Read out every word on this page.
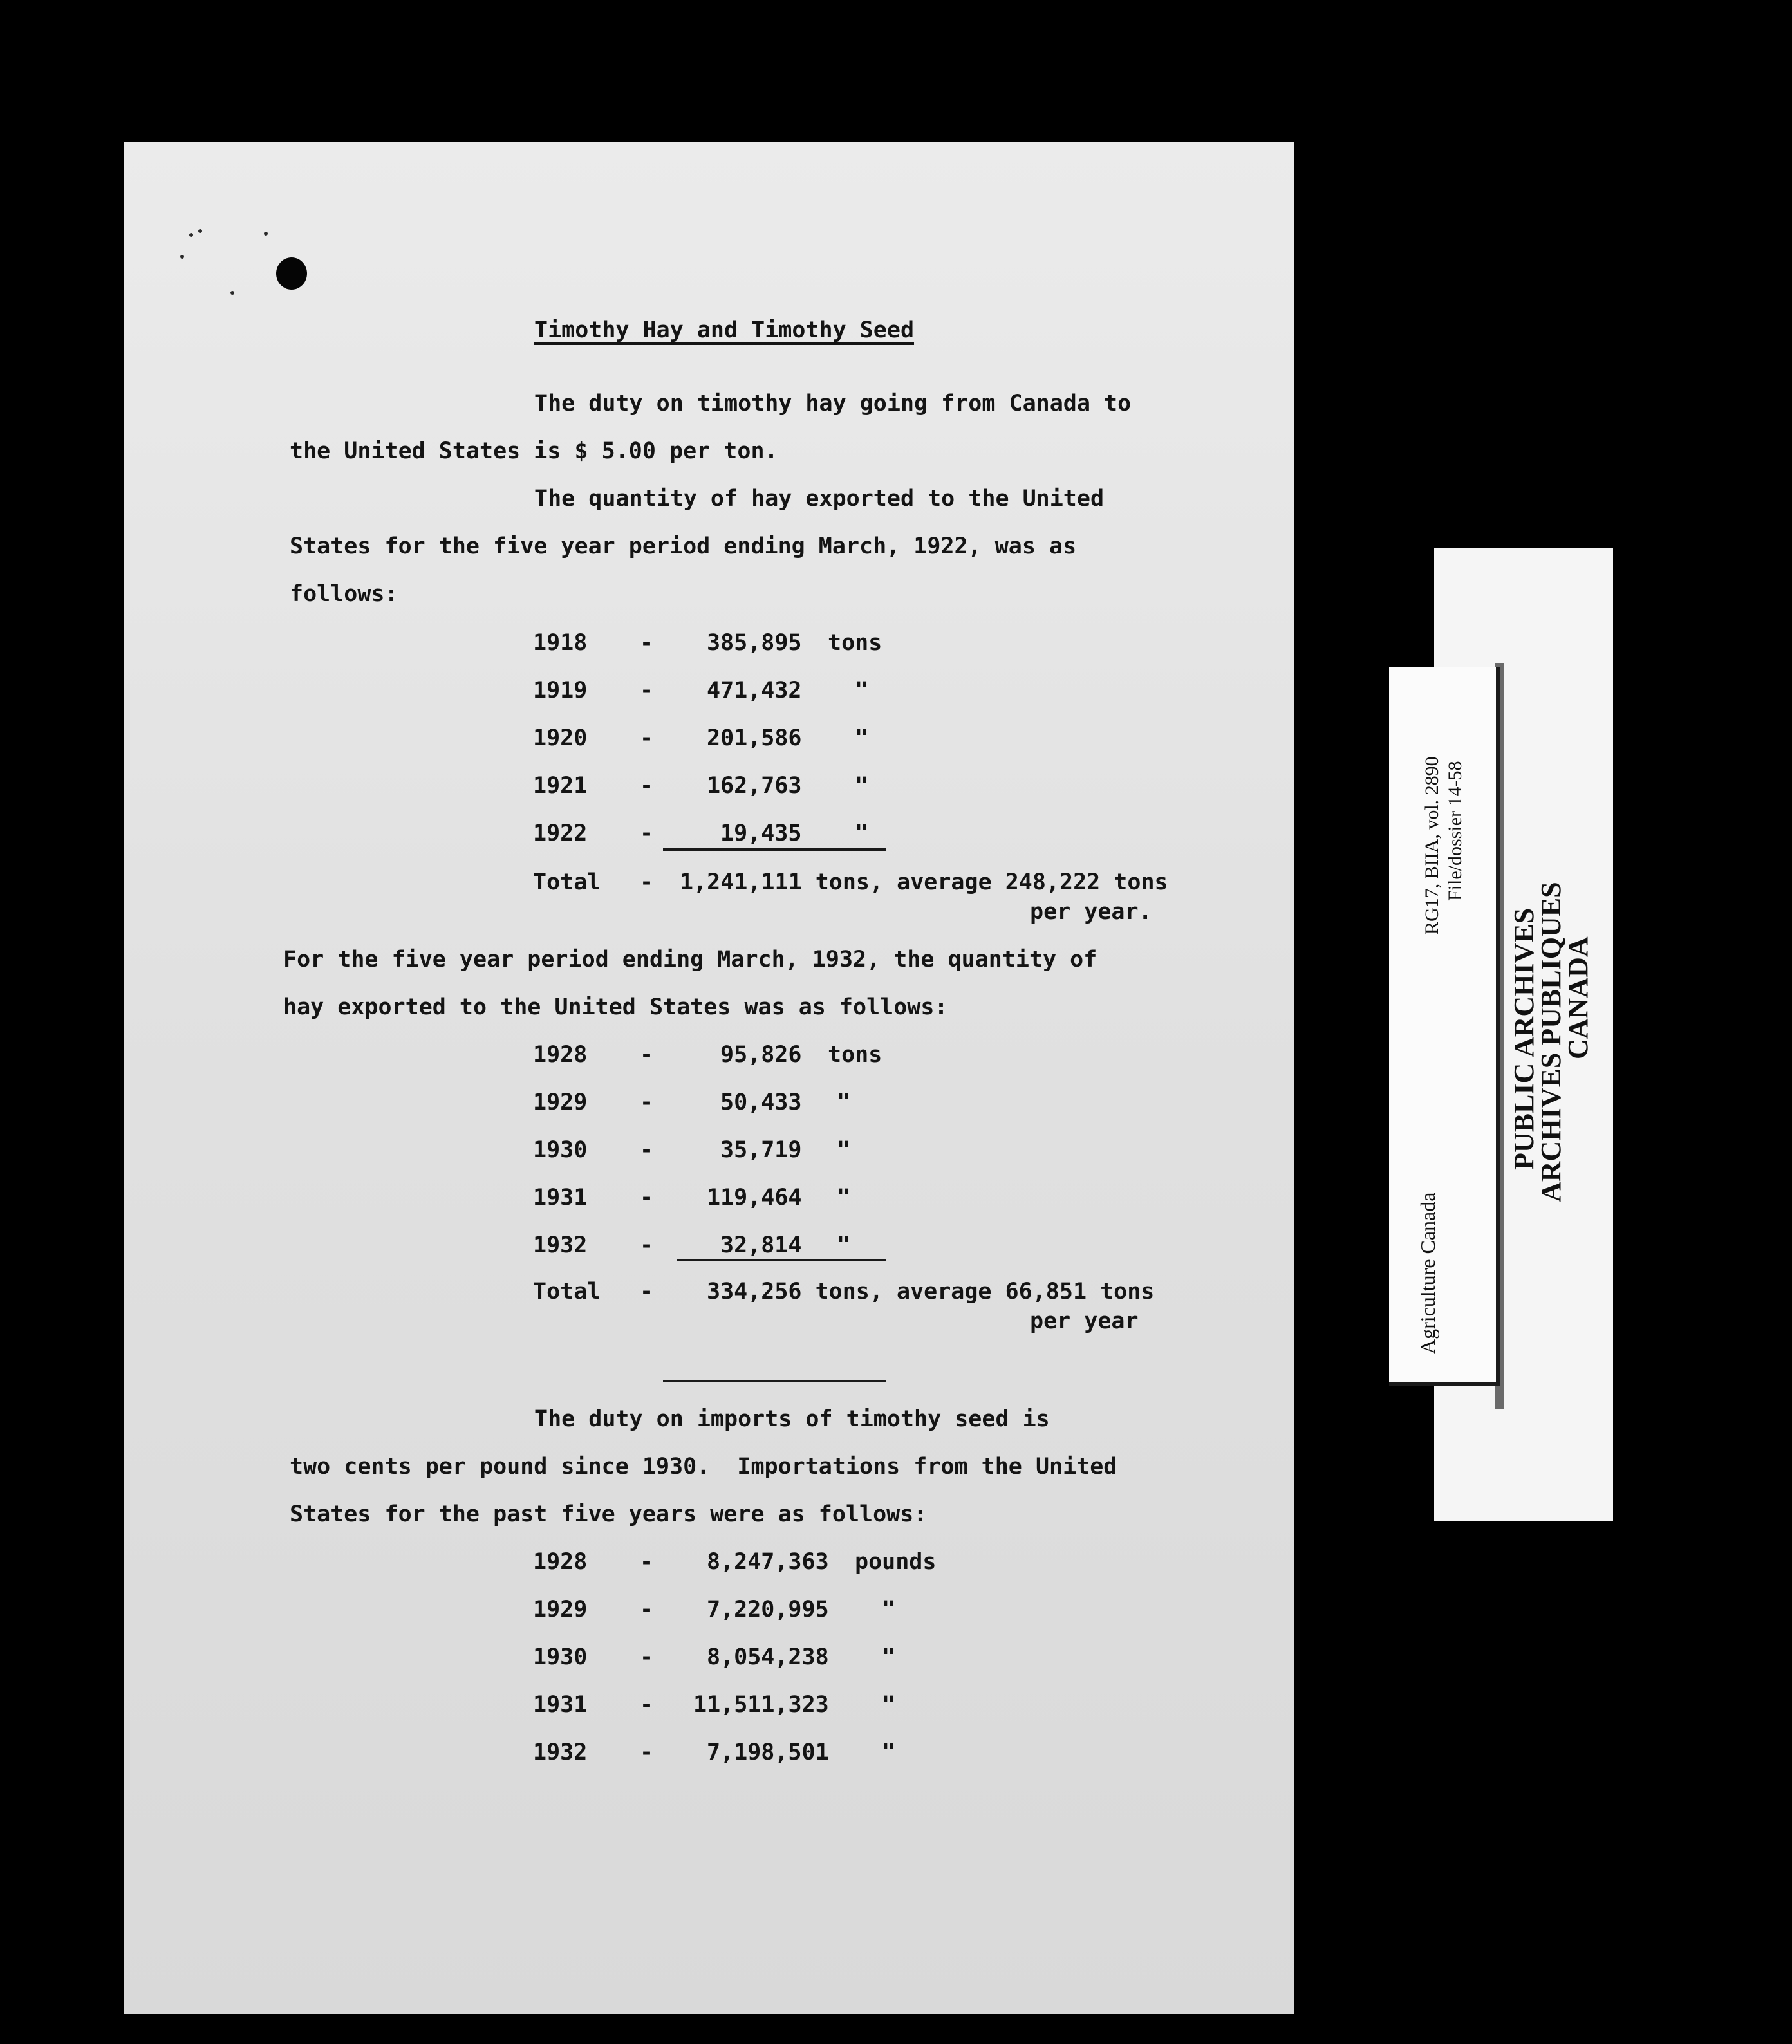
Timothy Hay and Timothy Seed
The duty on timothy hay going from Canada to
the United States is $ 5.00 per ton.
The quantity of hay exported to the United
States for the five year period ending March, 1922, was as
follows:
1918 - 385,895 tons
1919 - 471,432 "
1920 - 201,586 "
1921 - 162,763 "
1922 -	19,435 "
Total - 1,241,111 tons, average 248,222 tons
per year.
For the five year period ending March, 1932, the quantity of
hay exported to the United States was as follows:
1928 -	95,826 tons
1929 -	50,433 "
1930 -	35,719 "
1931 - 119,464 "
1932 -	32,814 "
Total - 334,256 tons, average 66,851 tons
per year
The duty on imports of timothy seed is
two cents per pound since 1930.  Importations from the United
States for the past five years were as follows:
1928 - 8,247,363 pounds
1929 - 7,220,995 "
1930 - 8,054,238 "
1931 - 11,511,323 "
1932 - 7,198,501 "
RG17, BIIA, vol. 2890 File/dossier 14-58
Agriculture Canada
PUBLIC ARCHIVES
ARCHIVES PUBLIQUES
CANADA
